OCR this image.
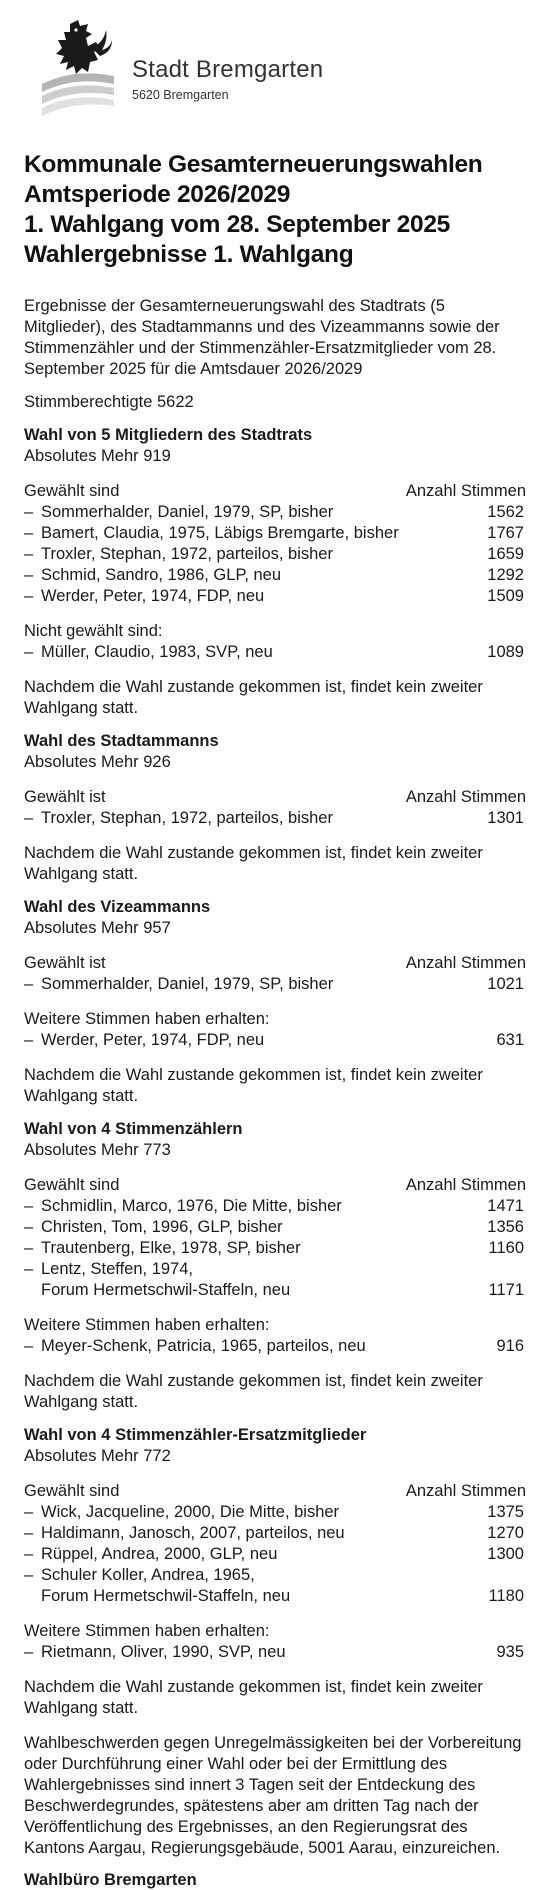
Stadt Bremgarten
5620 Bremgarten
Kommunale Gesamterneuerungswahlen
Amtsperiode 2026/2029
1. Wahlgang vom 28. September 2025
Wahlergebnisse 1. Wahlgang
Ergebnisse der Gesamterneuerungswahl des Stadtrats (5 Mitglieder), des Stadtammanns und des Vizeammanns sowie der Stimmenzähler und der Stimmenzähler-Ersatzmitglieder vom 28. September 2025 für die Amtsdauer 2026/2029
Stimmberechtigte 5622
Wahl von 5 Mitgliedern des Stadtrats
Absolutes Mehr 919
Gewählt sind	Anzahl Stimmen
– Sommerhalder, Daniel, 1979, SP, bisher	1562
– Bamert, Claudia, 1975, Läbigs Bremgarte, bisher	1767
– Troxler, Stephan, 1972, parteilos, bisher	1659
– Schmid, Sandro, 1986, GLP, neu	1292
– Werder, Peter, 1974, FDP, neu	1509
Nicht gewählt sind:
– Müller, Claudio, 1983, SVP, neu	1089
Nachdem die Wahl zustande gekommen ist, findet kein zweiter Wahlgang statt.
Wahl des Stadtammanns
Absolutes Mehr 926
Gewählt ist	Anzahl Stimmen
– Troxler, Stephan, 1972, parteilos, bisher	1301
Nachdem die Wahl zustande gekommen ist, findet kein zweiter Wahlgang statt.
Wahl des Vizeammanns
Absolutes Mehr 957
Gewählt ist	Anzahl Stimmen
– Sommerhalder, Daniel, 1979, SP, bisher	1021
Weitere Stimmen haben erhalten:
– Werder, Peter, 1974, FDP, neu	631
Nachdem die Wahl zustande gekommen ist, findet kein zweiter Wahlgang statt.
Wahl von 4 Stimmenzählern
Absolutes Mehr 773
Gewählt sind	Anzahl Stimmen
– Schmidlin, Marco, 1976, Die Mitte, bisher	1471
– Christen, Tom, 1996, GLP, bisher	1356
– Trautenberg, Elke, 1978, SP, bisher	1160
– Lentz, Steffen, 1974,
Forum Hermetschwil-Staffeln, neu	1171
Weitere Stimmen haben erhalten:
– Meyer-Schenk, Patricia, 1965, parteilos, neu	916
Nachdem die Wahl zustande gekommen ist, findet kein zweiter Wahlgang statt.
Wahl von 4 Stimmenzähler-Ersatzmitglieder
Absolutes Mehr 772
Gewählt sind	Anzahl Stimmen
– Wick, Jacqueline, 2000, Die Mitte, bisher	1375
– Haldimann, Janosch, 2007, parteilos, neu	1270
– Rüppel, Andrea, 2000, GLP, neu	1300
– Schuler Koller, Andrea, 1965,
Forum Hermetschwil-Staffeln, neu	1180
Weitere Stimmen haben erhalten:
– Rietmann, Oliver, 1990, SVP, neu	935
Nachdem die Wahl zustande gekommen ist, findet kein zweiter Wahlgang statt.
Wahlbeschwerden gegen Unregelmässigkeiten bei der Vorbereitung oder Durchführung einer Wahl oder bei der Ermittlung des Wahlergebnisses sind innert 3 Tagen seit der Entdeckung des Beschwerdegrundes, spätestens aber am dritten Tag nach der Veröffentlichung des Ergebnisses, an den Regierungsrat des Kantons Aargau, Regierungsgebäude, 5001 Aarau, einzureichen.
Wahlbüro Bremgarten
